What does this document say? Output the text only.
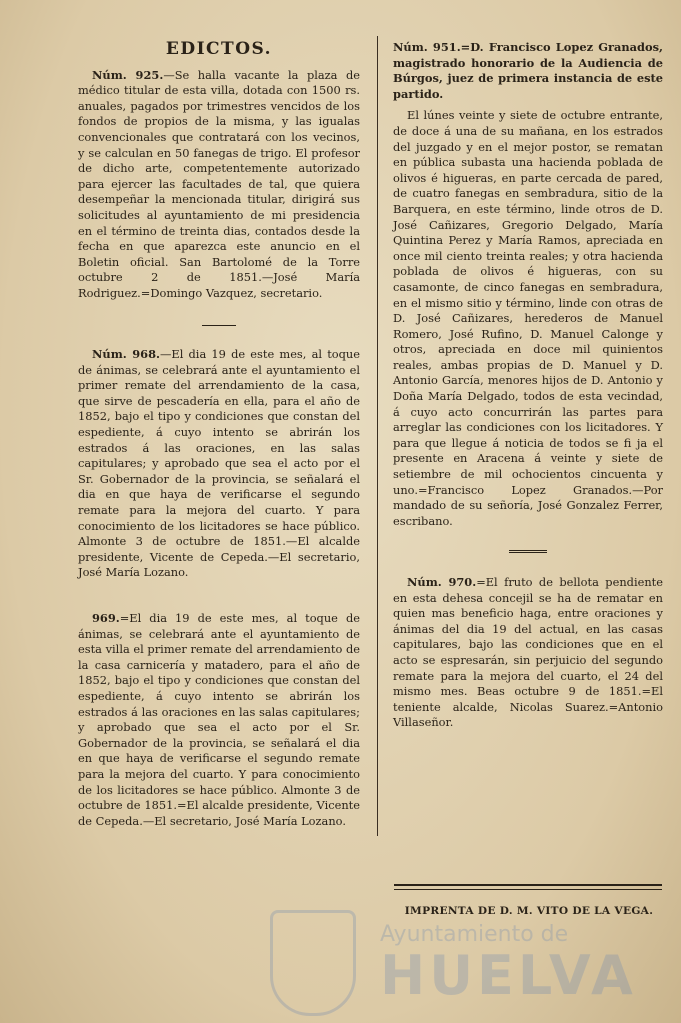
EDICTOS.

Núm. 925.—Se halla vacante la plaza de médico titular de esta villa, dotada con 1500 rs. anuales, pagados por trimestres vencidos de los fondos de propios de la misma, y las igualas convencionales que contratará con los vecinos, y se calculan en 50 fanegas de trigo. El profesor de dicho arte, competentemente autorizado para ejercer las facultades de tal, que quiera desempeñar la mencionada titular, dirigirá sus solicitudes al ayuntamiento de mi presidencia en el término de treinta dias, contados desde la fecha en que aparezca este anuncio en el Boletin oficial. San Bartolomé de la Torre octubre 2 de 1851.—José María Rodriguez.=Domingo Vazquez, secretario.

Núm. 968.—El dia 19 de este mes, al toque de ánimas, se celebrará ante el ayuntamiento el primer remate del arrendamiento de la casa, que sirve de pescadería en ella, para el año de 1852, bajo el tipo y condiciones que constan del espediente, á cuyo intento se abrirán los estrados á las oraciones, en las salas capitulares; y aprobado que sea el acto por el Sr. Gobernador de la provincia, se señalará el dia en que haya de verificarse el segundo remate para la mejora del cuarto. Y para conocimiento de los licitadores se hace público. Almonte 3 de octubre de 1851.—El alcalde presidente, Vicente de Cepeda.—El secretario, José María Lozano.

969.=El dia 19 de este mes, al toque de ánimas, se celebrará ante el ayuntamiento de esta villa el primer remate del arrendamiento de la casa carnicería y matadero, para el año de 1852, bajo el tipo y condiciones que constan del espediente, á cuyo intento se abrirán los estrados á las oraciones en las salas capitulares; y aprobado que sea el acto por el Sr. Gobernador de la provincia, se señalará el dia en que haya de verificarse el segundo remate para la mejora del cuarto. Y para conocimiento de los licitadores se hace público. Almonte 3 de octubre de 1851.=El alcalde presidente, Vicente de Cepeda.—El secretario, José María Lozano.

Núm. 951.=D. Francisco Lopez Granados, magistrado honorario de la Audiencia de Búrgos, juez de primera instancia de este partido.

El lúnes veinte y siete de octubre entrante, de doce á una de su mañana, en los estrados del juzgado y en el mejor postor, se rematan en pública subasta una hacienda poblada de olivos é higueras, en parte cercada de pared, de cuatro fanegas en sembradura, sitio de la Barquera, en este término, linde otros de D. José Cañizares, Gregorio Delgado, María Quintina Perez y María Ramos, apreciada en once mil ciento treinta reales; y otra hacienda poblada de olivos é higueras, con su casamonte, de cinco fanegas en sembradura, en el mismo sitio y término, linde con otras de D. José Cañizares, herederos de Manuel Romero, José Rufino, D. Manuel Calonge y otros, apreciada en doce mil quinientos reales, ambas propias de D. Manuel y D. Antonio García, menores hijos de D. Antonio y Doña María Delgado, todos de esta vecindad, á cuyo acto concurrirán las partes para arreglar las condiciones con los licitadores. Y para que llegue á noticia de todos se fi ja el presente en Aracena á veinte y siete de setiembre de mil ochocientos cincuenta y uno.=Francisco Lopez Granados.—Por mandado de su señoría, José Gonzalez Ferrer, escribano.

Núm. 970.=El fruto de bellota pendiente en esta dehesa concejil se ha de rematar en quien mas beneficio haga, entre oraciones y ánimas del dia 19 del actual, en las casas capitulares, bajo las condiciones que en el acto se espresarán, sin perjuicio del segundo remate para la mejora del cuarto, el 24 del mismo mes. Beas octubre 9 de 1851.=El teniente alcalde, Nicolas Suarez.=Antonio Villaseñor.

IMPRENTA DE D. M. VITO DE LA VEGA.
Ayuntamiento de
HUELVA
